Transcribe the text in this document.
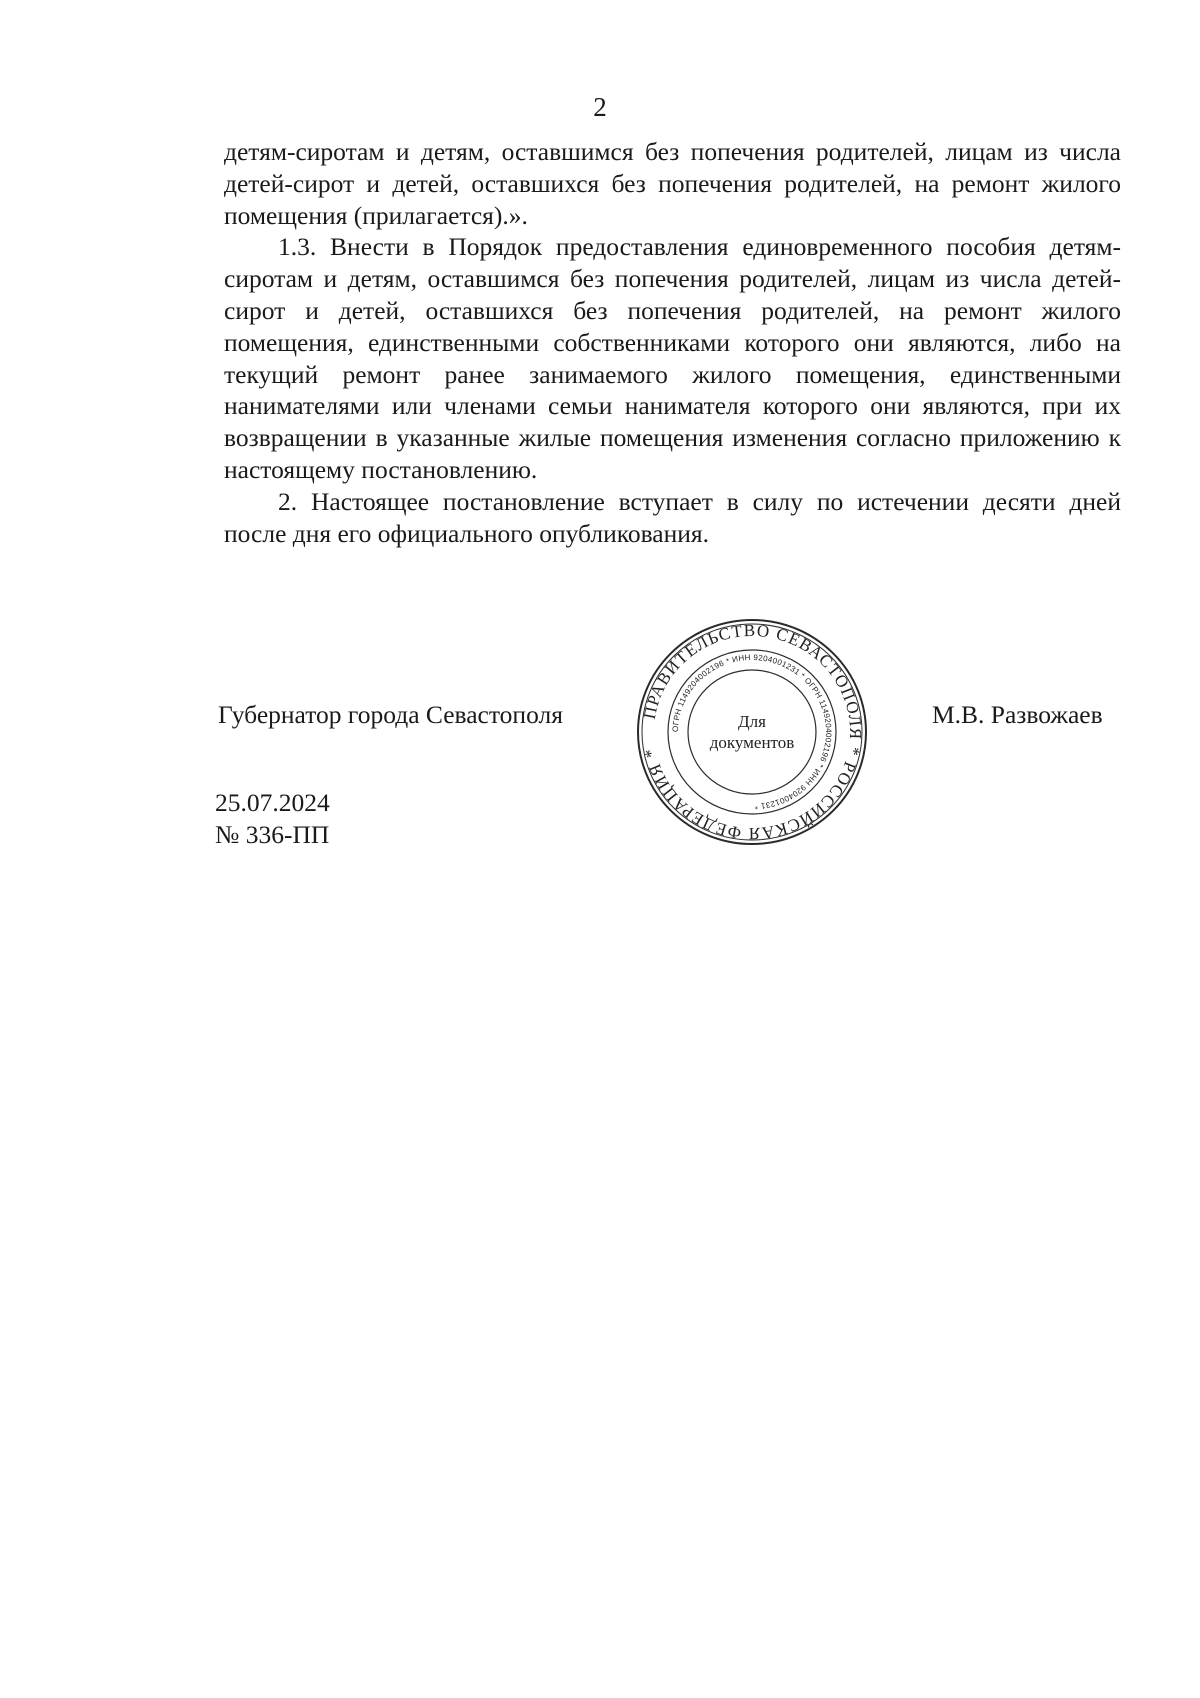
2

детям-сиротам и детям, оставшимся без попечения родителей, лицам из числа детей-сирот и детей, оставшихся без попечения родителей, на ремонт жилого помещения (прилагается).».

1.3. Внести в Порядок предоставления единовременного пособия детям-сиротам и детям, оставшимся без попечения родителей, лицам из числа детей-сирот и детей, оставшихся без попечения родителей, на ремонт жилого помещения, единственными собственниками которого они являются, либо на текущий ремонт ранее занимаемого жилого помещения, единственными нанимателями или членами семьи нанимателя которого они являются, при их возвращении в указанные жилые помещения изменения согласно приложению к настоящему постановлению.

2. Настоящее постановление вступает в силу по истечении десяти дней после дня его официального опубликования.

Губернатор города Севастополя	ПРАВИТЕЛЬСТВО СЕВАСТОПОЛЯ * РОССИЙСКАЯ ФЕДЕРАЦИЯ *
ОГРН 1149204002196 * ИНН 9204001231 * ОГРН 1149204002196 * ИНН 9204001231 *
Для
документов
М.В. Развожаев
25.07.2024
№ 336-ПП
